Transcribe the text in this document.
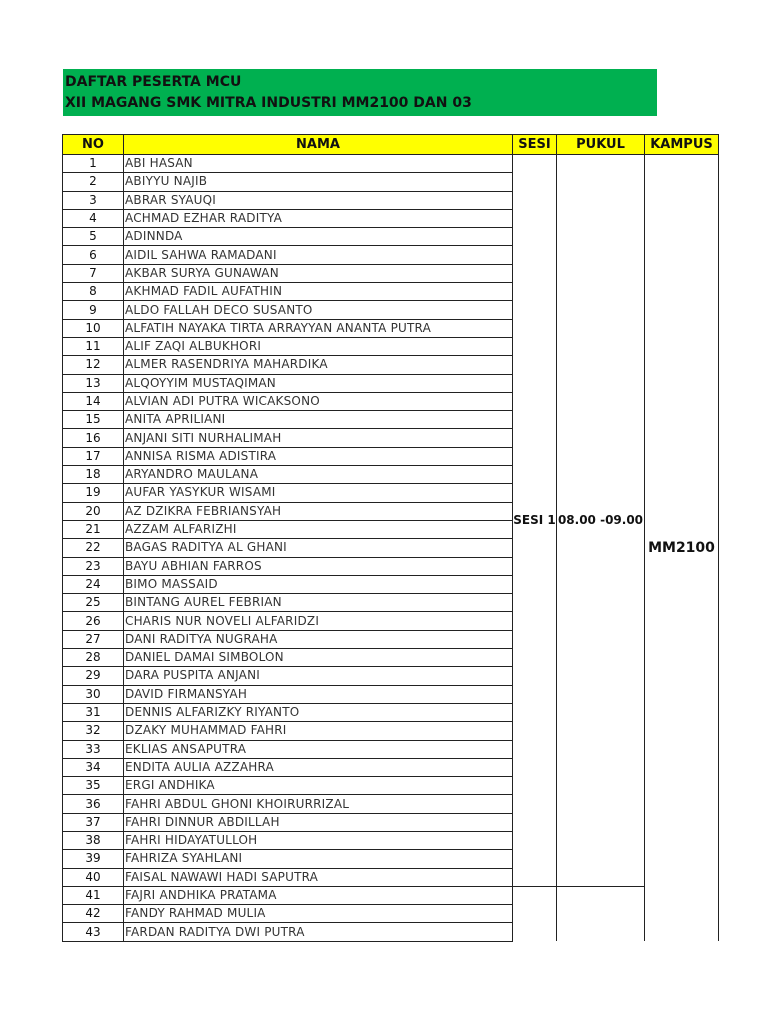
DAFTAR PESERTA MCU
XII MAGANG SMK MITRA INDUSTRI MM2100 DAN 03
NO	NAMA	SESI	PUKUL	KAMPUS
1	ABI HASAN	SESI 1	08.00 -09.00	MM2100
2	ABIYYU NAJIB			
3	ABRAR SYAUQI			
4	ACHMAD EZHAR RADITYA			
5	ADINNDA			
6	AIDIL SAHWA RAMADANI			
7	AKBAR SURYA GUNAWAN			
8	AKHMAD FADIL AUFATHIN			
9	ALDO FALLAH DECO SUSANTO			
10	ALFATIH NAYAKA TIRTA ARRAYYAN ANANTA PUTRA			
11	ALIF ZAQI ALBUKHORI			
12	ALMER RASENDRIYA MAHARDIKA			
13	ALQOYYIM MUSTAQIMAN			
14	ALVIAN ADI PUTRA WICAKSONO			
15	ANITA APRILIANI			
16	ANJANI SITI NURHALIMAH			
17	ANNISA RISMA ADISTIRA			
18	ARYANDRO MAULANA			
19	AUFAR YASYKUR WISAMI			
20	AZ DZIKRA FEBRIANSYAH			
21	AZZAM ALFARIZHI			
22	BAGAS RADITYA AL GHANI			
23	BAYU ABHIAN FARROS			
24	BIMO MASSAID			
25	BINTANG AUREL FEBRIAN			
26	CHARIS NUR NOVELI ALFARIDZI			
27	DANI RADITYA NUGRAHA			
28	DANIEL DAMAI SIMBOLON			
29	DARA PUSPITA ANJANI			
30	DAVID FIRMANSYAH			
31	DENNIS ALFARIZKY RIYANTO			
32	DZAKY MUHAMMAD FAHRI			
33	EKLIAS ANSAPUTRA			
34	ENDITA AULIA AZZAHRA			
35	ERGI ANDHIKA			
36	FAHRI ABDUL GHONI KHOIRURRIZAL			
37	FAHRI DINNUR ABDILLAH			
38	FAHRI HIDAYATULLOH			
39	FAHRIZA SYAHLANI			
40	FAISAL NAWAWI HADI SAPUTRA			
41	FAJRI ANDHIKA PRATAMA			
42	FANDY RAHMAD MULIA			
43	FARDAN RADITYA DWI PUTRA			
